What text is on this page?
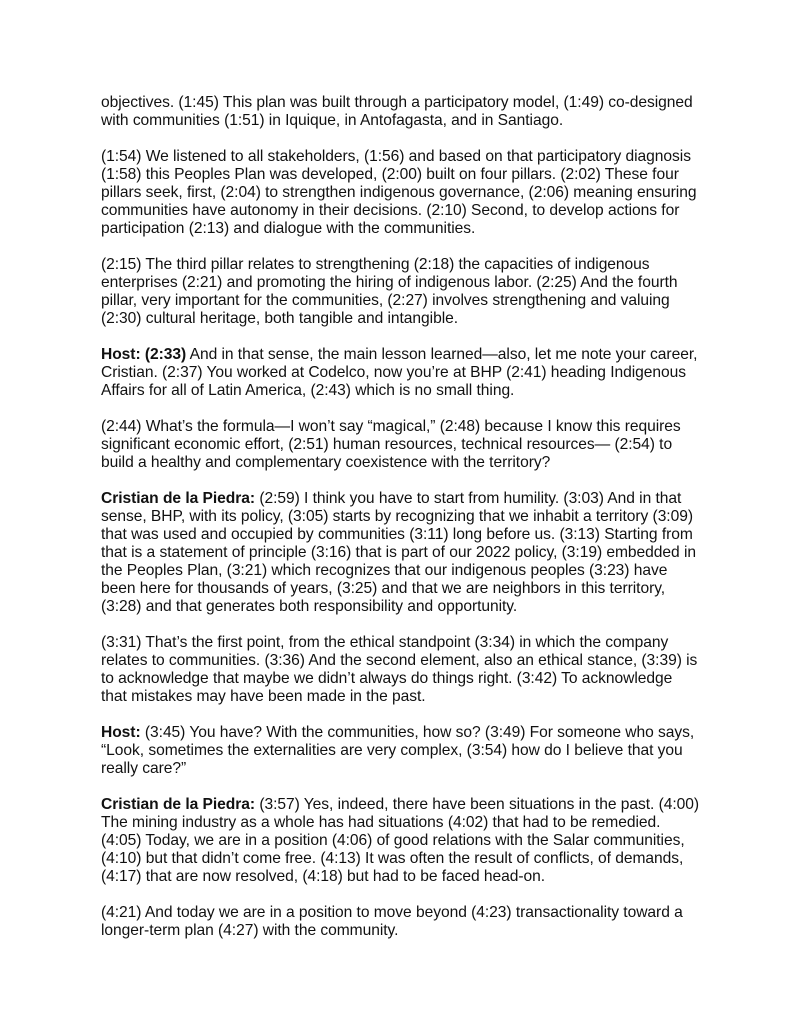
objectives. (1:45) This plan was built through a participatory model, (1:49) co-designed with communities (1:51) in Iquique, in Antofagasta, and in Santiago.

(1:54) We listened to all stakeholders, (1:56) and based on that participatory diagnosis (1:58) this Peoples Plan was developed, (2:00) built on four pillars. (2:02) These four pillars seek, first, (2:04) to strengthen indigenous governance, (2:06) meaning ensuring communities have autonomy in their decisions. (2:10) Second, to develop actions for participation (2:13) and dialogue with the communities.

(2:15) The third pillar relates to strengthening (2:18) the capacities of indigenous enterprises (2:21) and promoting the hiring of indigenous labor. (2:25) And the fourth pillar, very important for the communities, (2:27) involves strengthening and valuing (2:30) cultural heritage, both tangible and intangible.

Host: (2:33) And in that sense, the main lesson learned—also, let me note your career, Cristian. (2:37) You worked at Codelco, now you’re at BHP (2:41) heading Indigenous Affairs for all of Latin America, (2:43) which is no small thing.

(2:44) What’s the formula—I won’t say “magical,” (2:48) because I know this requires significant economic effort, (2:51) human resources, technical resources— (2:54) to build a healthy and complementary coexistence with the territory?

Cristian de la Piedra: (2:59) I think you have to start from humility. (3:03) And in that sense, BHP, with its policy, (3:05) starts by recognizing that we inhabit a territory (3:09) that was used and occupied by communities (3:11) long before us. (3:13) Starting from that is a statement of principle (3:16) that is part of our 2022 policy, (3:19) embedded in the Peoples Plan, (3:21) which recognizes that our indigenous peoples (3:23) have been here for thousands of years, (3:25) and that we are neighbors in this territory, (3:28) and that generates both responsibility and opportunity.

(3:31) That’s the first point, from the ethical standpoint (3:34) in which the company relates to communities. (3:36) And the second element, also an ethical stance, (3:39) is to acknowledge that maybe we didn’t always do things right. (3:42) To acknowledge that mistakes may have been made in the past.

Host: (3:45) You have? With the communities, how so? (3:49) For someone who says, “Look, sometimes the externalities are very complex, (3:54) how do I believe that you really care?”

Cristian de la Piedra: (3:57) Yes, indeed, there have been situations in the past. (4:00) The mining industry as a whole has had situations (4:02) that had to be remedied. (4:05) Today, we are in a position (4:06) of good relations with the Salar communities, (4:10) but that didn’t come free. (4:13) It was often the result of conflicts, of demands, (4:17) that are now resolved, (4:18) but had to be faced head-on.

(4:21) And today we are in a position to move beyond (4:23) transactionality toward a longer-term plan (4:27) with the community.
